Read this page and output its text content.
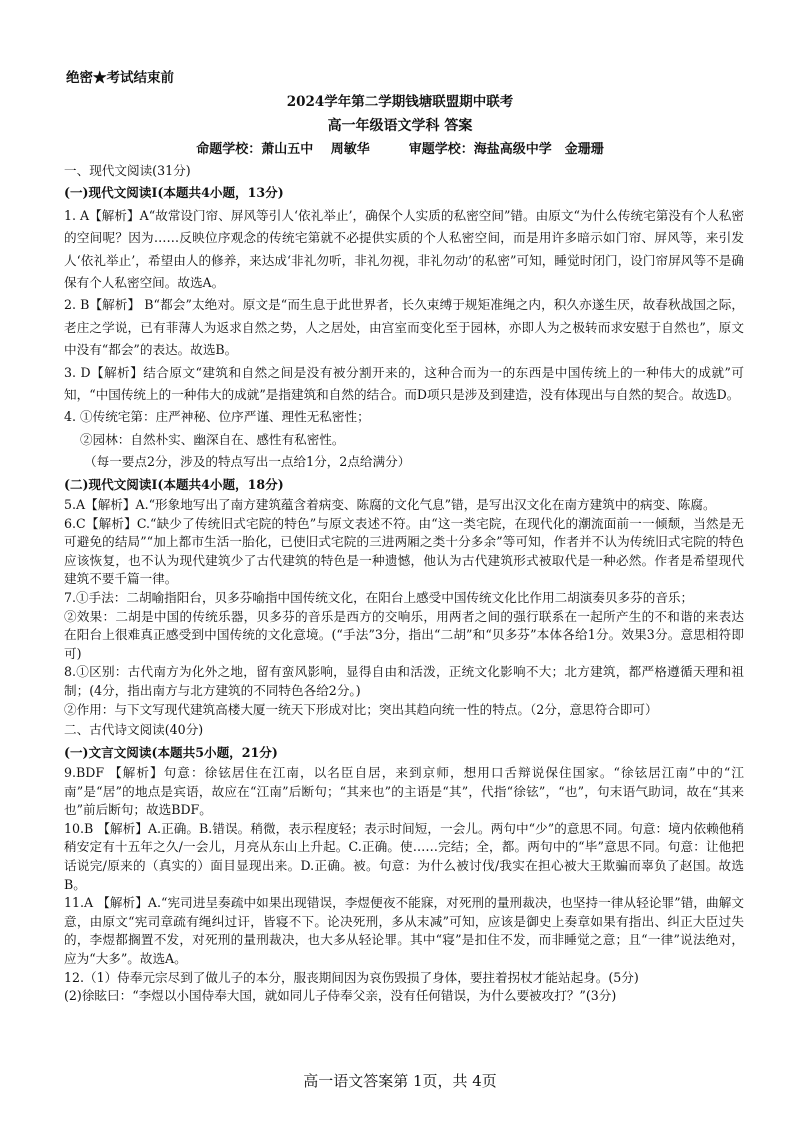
绝密★考试结束前
2024学年第二学期钱塘联盟期中联考
高一年级语文学科 答案
命题学校：萧山五中　 周敏华　　　审题学校：海盐高级中学　金珊珊

一、现代文阅读(31分)

(一)现代文阅读Ⅰ(本题共4小题，13分)

1. A【解析】A“故常设门帘、屏风等引人‘依礼举止’，确保个人实质的私密空间”错。由原文“为什么传统宅第没有个人私密的空间呢？因为……反映位序观念的传统宅第就不必提供实质的个人私密空间，而是用许多暗示如门帘、屏风等，来引发人‘依礼举止’，希望由人的修养，来达成‘非礼勿听，非礼勿视，非礼勿动’的私密”可知，睡觉时闭门，设门帘屏风等不是确保有个人私密空间。故选A。

2. B【解析】 B“都会”太绝对。原文是“而生息于此世界者，长久束缚于规矩准绳之内，积久亦遂生厌，故春秋战国之际，老庄之学说，已有菲薄人为返求自然之势，人之居处，由宫室而变化至于园林，亦即人为之极转而求安慰于自然也”，原文中没有“都会”的表达。故选B。

3. D【解析】结合原文“建筑和自然之间是没有被分割开来的，这种合而为一的东西是中国传统上的一种伟大的成就”可知，“中国传统上的一种伟大的成就”是指建筑和自然的结合。而D项只是涉及到建造，没有体现出与自然的契合。故选D。

4. ①传统宅第：庄严神秘、位序严谨、理性无私密性；

②园林：自然朴实、幽深自在、感性有私密性。

（每一要点2分，涉及的特点写出一点给1分，2点给满分）

(二)现代文阅读Ⅰ(本题共4小题，18分)

5.A【解析】A.“形象地写出了南方建筑蕴含着病变、陈腐的文化气息”错，是写出汉文化在南方建筑中的病变、陈腐。

6.C【解析】C.“缺少了传统旧式宅院的特色”与原文表述不符。由“这一类宅院，在现代化的潮流面前一一倾颓，当然是无可避免的结局”“加上都市生活一胎化，已使旧式宅院的三进两厢之类十分多余”等可知，作者并不认为传统旧式宅院的特色应该恢复，也不认为现代建筑少了古代建筑的特色是一种遗憾，他认为古代建筑形式被取代是一种必然。作者是希望现代建筑不要千篇一律。

7.①手法：二胡喻指阳台，贝多芬喻指中国传统文化，在阳台上感受中国传统文化比作用二胡演奏贝多芬的音乐；

②效果：二胡是中国的传统乐器，贝多芬的音乐是西方的交响乐，用两者之间的强行联系在一起所产生的不和谐的来表达在阳台上很难真正感受到中国传统的文化意境。(“手法”3分，指出“二胡”和“贝多芬”本体各给1分。效果3分。意思相符即可)

8.①区别：古代南方为化外之地，留有蛮风影响，显得自由和活泼，正统文化影响不大；北方建筑，都严格遵循天理和祖制；(4分，指出南方与北方建筑的不同特色各给2分。)

②作用：与下文写现代建筑高楼大厦一统天下形成对比；突出其趋向统一性的特点。（2分，意思符合即可）

二、古代诗文阅读(40分)

(一)文言文阅读(本题共5小题，21分)

9.BDF 【解析】句意：徐铉居住在江南，以名臣自居，来到京师，想用口舌辩说保住国家。“徐铉居江南”中的“江南”是“居”的地点是宾语，故应在“江南”后断句；“其来也”的主语是“其”，代指“徐铉”，“也”，句末语气助词，故在“其来也”前后断句；故选BDF。

10.B 【解析】A.正确。B.错误。稍微，表示程度轻；表示时间短，一会儿。两句中“少”的意思不同。句意：境内依赖他稍稍安定有十五年之久/一会儿，月亮从东山上升起。C.正确。使……完结；全，都。两句中的“毕”意思不同。句意：让他把话说完/原来的（真实的）面目显现出来。D.正确。被。句意：为什么被讨伐/我实在担心被大王欺骗而辜负了赵国。故选B。

11.A 【解析】A.“宪司进呈奏疏中如果出现错误，李煜便夜不能寐，对死刑的量刑裁决，也坚持一律从轻论罪”错，曲解文意，由原文“宪司章疏有绳纠过讦，皆寝不下。论决死刑，多从末减”可知，应该是御史上奏章如果有指出、纠正大臣过失的，李煜都搁置不发，对死刑的量刑裁决，也大多从轻论罪。其中“寝”是扣住不发，而非睡觉之意；且“一律”说法绝对，应为“大多”。故选A。

12.（1）侍奉元宗尽到了做儿子的本分，服丧期间因为哀伤毁损了身体，要拄着拐杖才能站起身。(5分)

(2)徐眩曰：“李煜以小国侍奉大国，就如同儿子侍奉父亲，没有任何错误，为什么要被攻打？”(3分)

高一语文答案第 1页，共 4页
